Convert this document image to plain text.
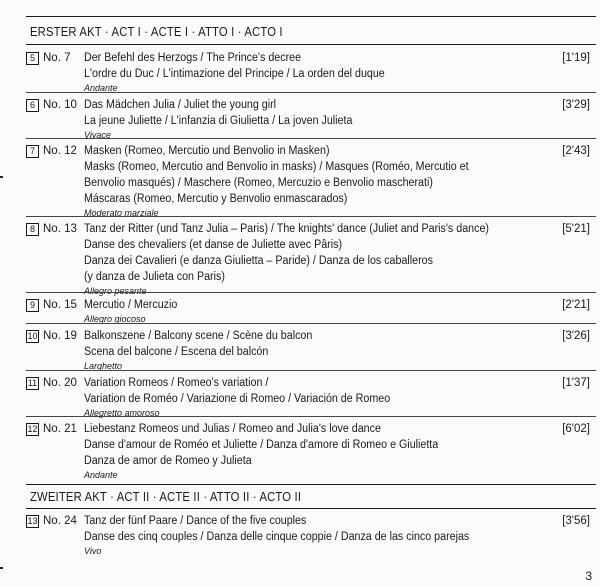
ERSTER AKT · ACT I · ACTE I · ATTO I · ACTO I
5 No. 7 Der Befehl des Herzogs / The Prince's decree
L'ordre du Duc / L'intimazione del Principe / La orden del duque
Andante
[1'19]
6 No. 10 Das Mädchen Julia / Juliet the young girl
La jeune Juliette / L'infanzia di Giulietta / La joven Julieta
Vivace
[3'29]
7 No. 12 Masken (Romeo, Mercutio und Benvolio in Masken)
Masks (Romeo, Mercutio and Benvolio in masks) / Masques (Roméo, Mercutio et
Benvolio masqués) / Maschere (Romeo, Mercuzio e Benvolio mascherati)
Máscaras (Romeo, Mercutio y Benvolio enmascarados)
Moderato marziale
[2'43]
8 No. 13 Tanz der Ritter (und Tanz Julia – Paris) / The knights' dance (Juliet and Paris's dance)
Danse des chevaliers (et danse de Juliette avec Pâris)
Danza dei Cavalieri (e danza Giulietta – Paride) / Danza de los caballeros
(y danza de Julieta con Paris)
Allegro pesante
[5'21]
9 No. 15 Mercutio / Mercuzio
Allegro giocoso
[2'21]
10 No. 19 Balkonszene / Balcony scene / Scène du balcon
Scena del balcone / Escena del balcón
Larghetto
[3'26]
11 No. 20 Variation Romeos / Romeo's variation /
Variation de Roméo / Variazione di Romeo / Variación de Romeo
Allegretto amoroso
[1'37]
12 No. 21 Liebestanz Romeos und Julias / Romeo and Julia's love dance
Danse d'amour de Roméo et Juliette / Danza d'amore di Romeo e Giulietta
Danza de amor de Romeo y Julieta
Andante
[6'02]
ZWEITER AKT · ACT II · ACTE II · ATTO II · ACTO II
13 No. 24 Tanz der fünf Paare / Dance of the five couples
Danse des cinq couples / Danza delle cinque coppie / Danza de las cinco parejas
Vivo
[3'56]
3
